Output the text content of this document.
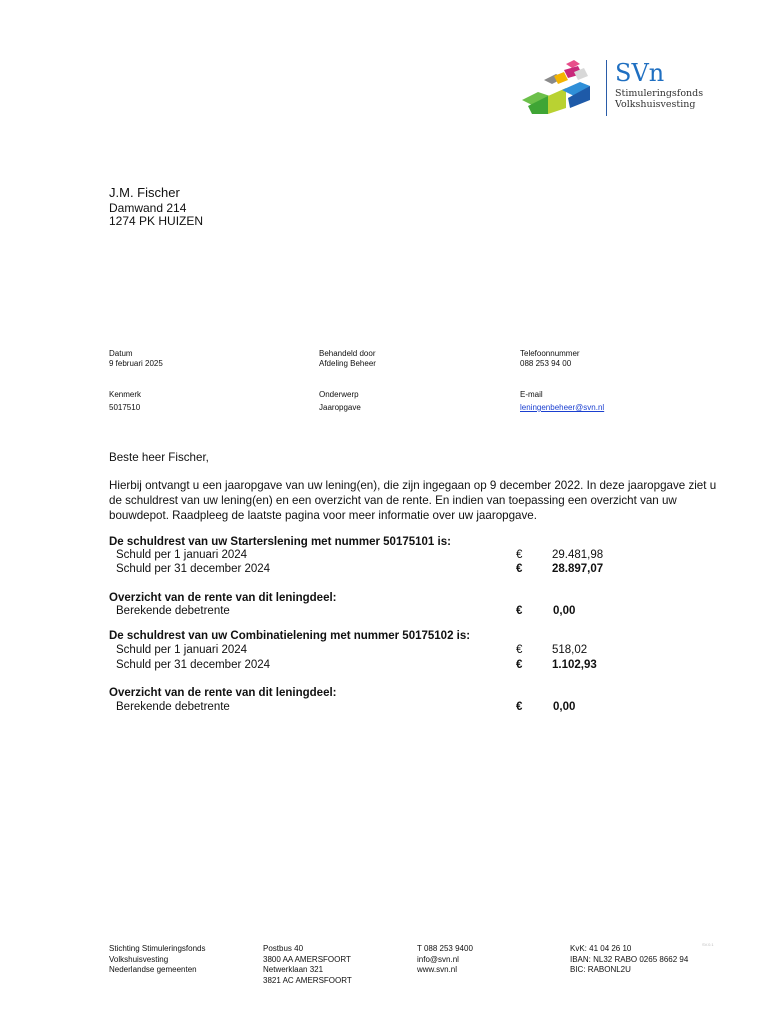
SVn
Stimuleringsfonds
Volkshuisvesting
J.M. Fischer
Damwand 214
1274 PK HUIZEN
Datum
9 februari 2025
Behandeld door
Afdeling Beheer
Telefoonnummer
088 253 94 00
Kenmerk
5017510
Onderwerp
Jaaropgave
E-mail
leningenbeheer@svn.nl
Beste heer Fischer,
Hierbij ontvangt u een jaaropgave van uw lening(en), die zijn ingegaan op 9 december 2022. In deze jaaropgave ziet u de schuldrest van uw lening(en) en een overzicht van de rente. En indien van toepassing een overzicht van uw bouwdepot. Raadpleeg de laatste pagina voor meer informatie over uw jaaropgave.
De schuldrest van uw Starterslening met nummer 50175101 is:
Schuld per 1 januari 2024	€	29.481,98
Schuld per 31 december 2024	€	28.897,07
Overzicht van de rente van dit leningdeel:
Berekende debetrente	€	0,00
De schuldrest van uw Combinatielening met nummer 50175102 is:
Schuld per 1 januari 2024	€	518,02
Schuld per 31 december 2024	€	1.102,93
Overzicht van de rente van dit leningdeel:
Berekende debetrente	€	0,00
Stichting Stimuleringsfonds
Volkshuisvesting
Nederlandse gemeenten
Postbus 40
3800 AA AMERSFOORT
Netwerklaan 321
3821 AC AMERSFOORT
T 088 253 9400
info@svn.nl
www.svn.nl
KvK: 41 04 26 10
IBAN: NL32 RABO 0265 8662 94
BIC: RABONL2U
SV.0.1
